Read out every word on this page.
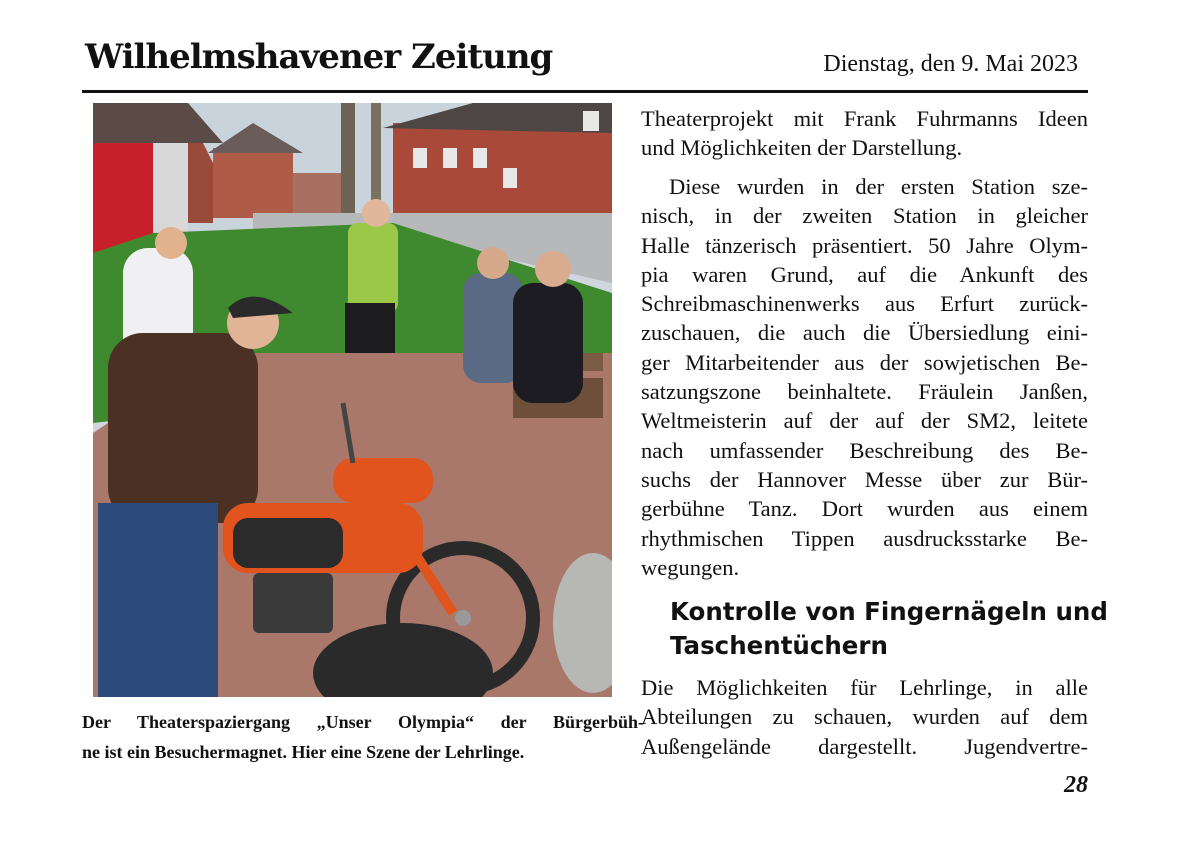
Wilhelmshavener Zeitung	Dienstag, den 9. Mai 2023
Der Theaterspaziergang „Unser Olympia“ der Bürgerbüh-
ne ist ein Besuchermagnet. Hier eine Szene der Lehrlinge.
Theaterprojekt mit Frank Fuhrmanns Ideen
und Möglichkeiten der Darstellung.
Diese wurden in der ersten Station sze-
nisch, in der zweiten Station in gleicher
Halle tänzerisch präsentiert. 50 Jahre Olym-
pia waren Grund, auf die Ankunft des
Schreibmaschinenwerks aus Erfurt zurück-
zuschauen, die auch die Übersiedlung eini-
ger Mitarbeitender aus der sowjetischen Be-
satzungszone beinhaltete. Fräulein Janßen,
Weltmeisterin auf der auf der SM2, leitete
nach umfassender Beschreibung des Be-
suchs der Hannover Messe über zur Bür-
gerbühne Tanz. Dort wurden aus einem
rhythmischen Tippen ausdrucksstarke Be-
wegungen.
Kontrolle von Fingernägeln und
Taschentüchern
Die Möglichkeiten für Lehrlinge, in alle
Abteilungen zu schauen, wurden auf dem
Außengelände dargestellt. Jugendvertre-
28
